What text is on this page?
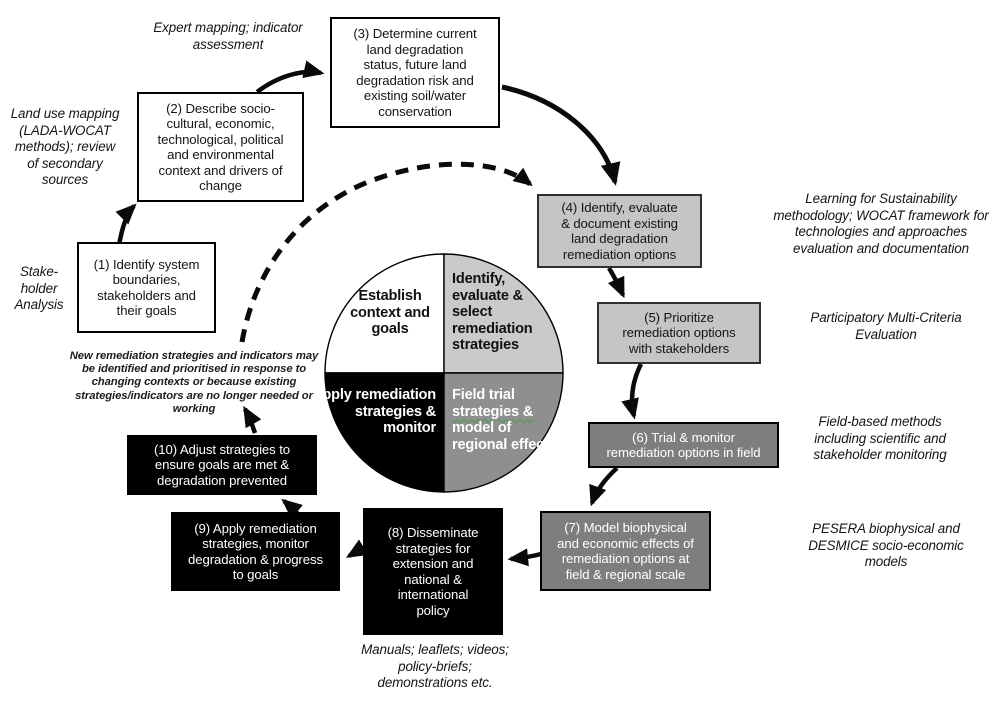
(1) Identify system boundaries, stakeholders and their goals
(2) Describe socio-cultural, economic, technological, political and environmental context and drivers of change
(3) Determine current land degradation status, future land degradation risk and existing soil/water conservation
(4) Identify, evaluate & document existing land degradation remediation options
(5) Prioritize remediation options with stakeholders
(6) Trial & monitor remediation options in field
(7) Model biophysical and economic effects of remediation options at field & regional scale
(8) Disseminate strategies for extension and national & international policy
(9) Apply remediation strategies, monitor degradation & progress to goals
(10) Adjust strategies to ensure goals are met & degradation prevented
Expert mapping; indicator assessment
Land use mapping (LADA-WOCAT methods); review of secondary sources
Stake-holder Analysis
Learning for Sustainability methodology; WOCAT framework for technologies and approaches evaluation and documentation
Participatory Multi-Criteria Evaluation
Field-based methods including scientific and stakeholder monitoring
PESERA biophysical and DESMICE socio-economic models
Manuals; leaflets; videos; policy-briefs; demonstrations etc.
New remediation strategies and indicators may be identified and prioritised in response to changing contexts or because existing strategies/indicators are no longer needed or working
Establish context and goals
Identify, evaluate & select remediation strategies
Apply remediation strategies & monitor
Field trial strategies & model of regional effects
